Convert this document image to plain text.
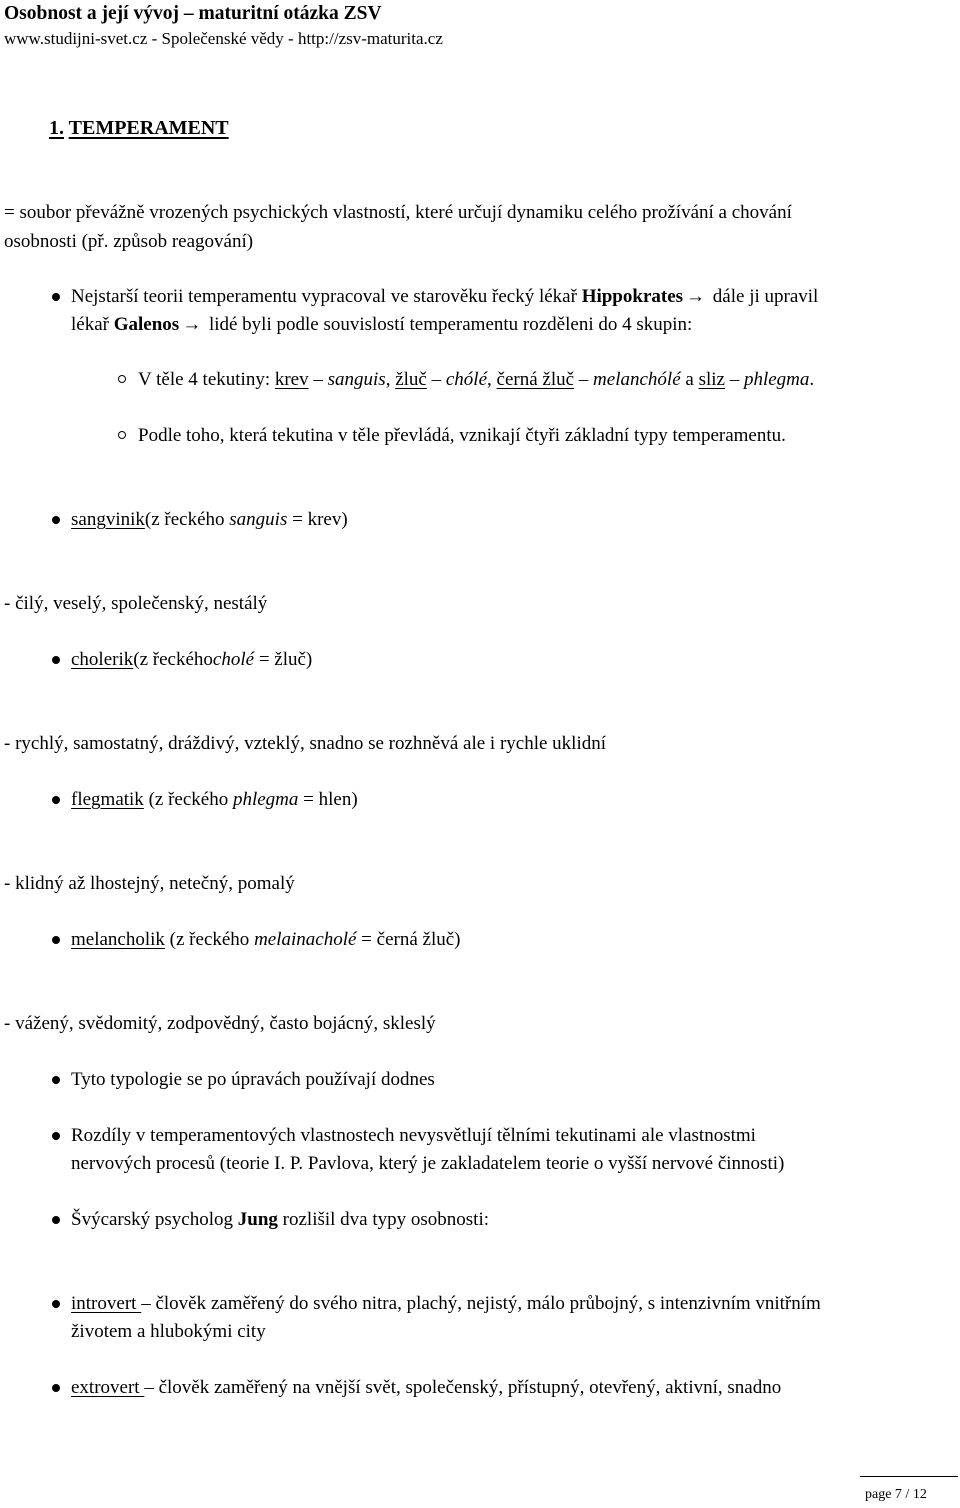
Osobnost a její vývoj – maturitní otázka ZSV
www.studijni-svet.cz - Společenské vědy - http://zsv-maturita.cz
1. TEMPERAMENT
= soubor převážně vrozených psychických vlastností, které určují dynamiku celého prožívání a chování
osobnosti (př. způsob reagování)
Nejstarší teorii temperamentu vypracoval ve starověku řecký lékař Hippokrates → dále ji upravil
lékař Galenos → lidé byli podle souvislostí temperamentu rozděleni do 4 skupin:
V těle 4 tekutiny: krev – sanguis, žluč – chólé, černá žluč – melanchólé a sliz – phlegma.
Podle toho, která tekutina v těle převládá, vznikají čtyři základní typy temperamentu.
sangvinik(z řeckého sanguis = krev)
- čilý, veselý, společenský, nestálý
cholerik(z řeckéhocholé = žluč)
- rychlý, samostatný, dráždivý, vzteklý, snadno se rozhněvá ale i rychle uklidní
flegmatik (z řeckého phlegma = hlen)
- klidný až lhostejný, netečný, pomalý
melancholik (z řeckého melainacholé = černá žluč)
- vážený, svědomitý, zodpovědný, často bojácný, skleslý
Tyto typologie se po úpravách používají dodnes
Rozdíly v temperamentových vlastnostech nevysvětlují tělními tekutinami ale vlastnostmi
nervových procesů (teorie I. P. Pavlova, který je zakladatelem teorie o vyšší nervové činnosti)
Švýcarský psycholog Jung rozlišil dva typy osobnosti:
introvert – člověk zaměřený do svého nitra, plachý, nejistý, málo průbojný, s intenzivním vnitřním
životem a hlubokými city
extrovert – člověk zaměřený na vnější svět, společenský, přístupný, otevřený, aktivní, snadno
page 7 / 12
